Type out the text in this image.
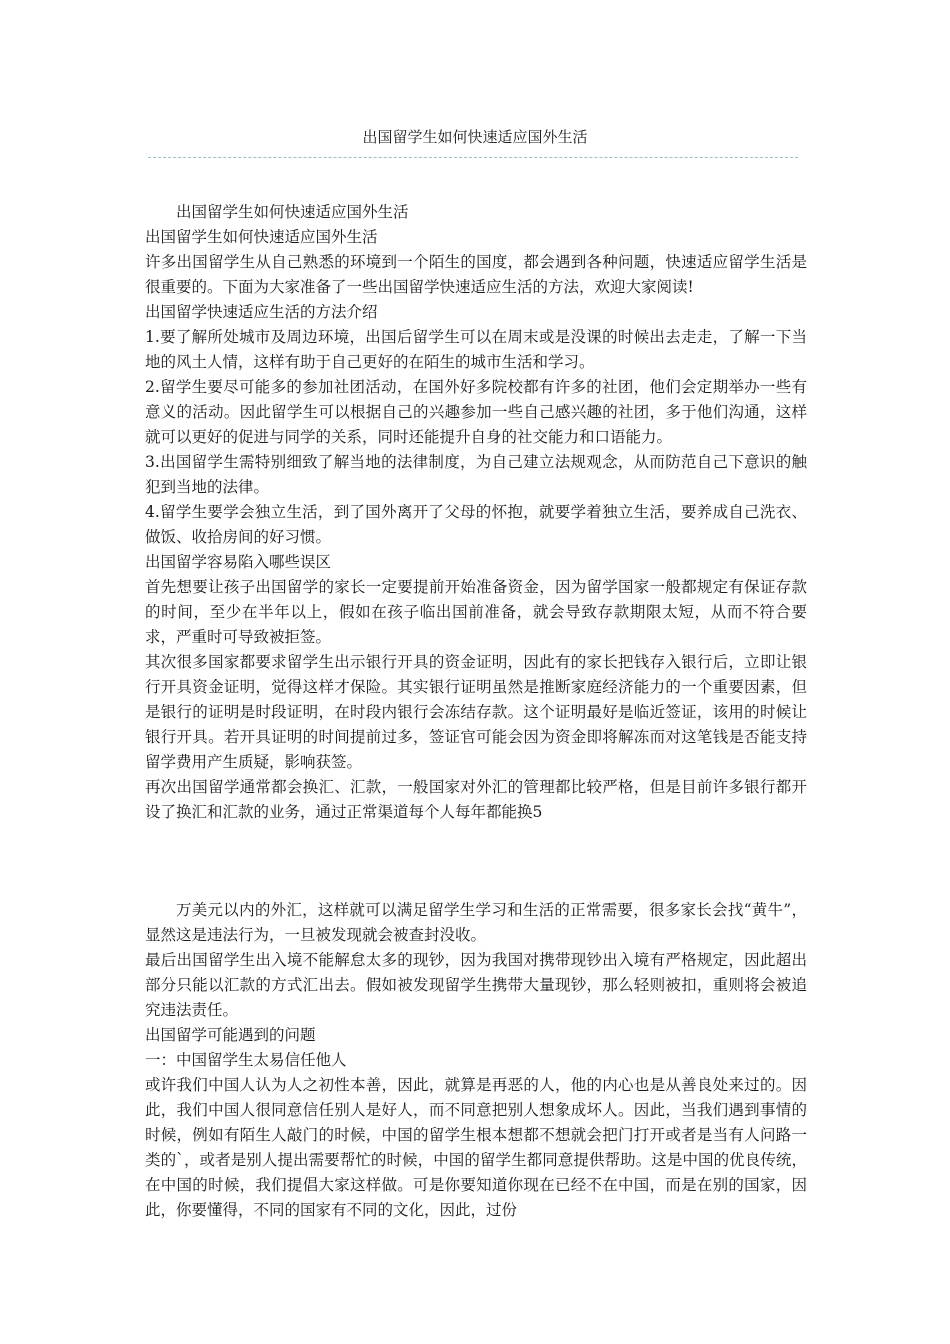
出国留学生如何快速适应国外生活

出国留学生如何快速适应国外生活

出国留学生如何快速适应国外生活

许多出国留学生从自己熟悉的环境到一个陌生的国度，都会遇到各种问题，快速适应留学生活是很重要的。下面为大家准备了一些出国留学快速适应生活的方法，欢迎大家阅读!

出国留学快速适应生活的方法介绍

1.要了解所处城市及周边环境，出国后留学生可以在周末或是没课的时候出去走走，了解一下当地的风土人情，这样有助于自己更好的在陌生的城市生活和学习。

2.留学生要尽可能多的参加社团活动，在国外好多院校都有许多的社团，他们会定期举办一些有意义的活动。因此留学生可以根据自己的兴趣参加一些自己感兴趣的社团，多于他们沟通，这样就可以更好的促进与同学的关系，同时还能提升自身的社交能力和口语能力。

3.出国留学生需特别细致了解当地的法律制度，为自己建立法规观念，从而防范自己下意识的触犯到当地的法律。

4.留学生要学会独立生活，到了国外离开了父母的怀抱，就要学着独立生活，要养成自己洗衣、做饭、收拾房间的好习惯。

出国留学容易陷入哪些误区

首先想要让孩子出国留学的家长一定要提前开始准备资金，因为留学国家一般都规定有保证存款的时间，至少在半年以上，假如在孩子临出国前准备，就会导致存款期限太短，从而不符合要求，严重时可导致被拒签。

其次很多国家都要求留学生出示银行开具的资金证明，因此有的家长把钱存入银行后，立即让银行开具资金证明，觉得这样才保险。其实银行证明虽然是推断家庭经济能力的一个重要因素，但是银行的证明是时段证明，在时段内银行会冻结存款。这个证明最好是临近签证，该用的时候让银行开具。若开具证明的时间提前过多，签证官可能会因为资金即将解冻而对这笔钱是否能支持留学费用产生质疑，影响获签。

再次出国留学通常都会换汇、汇款，一般国家对外汇的管理都比较严格，但是目前许多银行都开设了换汇和汇款的业务，通过正常渠道每个人每年都能换5

万美元以内的外汇，这样就可以满足留学生学习和生活的正常需要，很多家长会找“黄牛”，显然这是违法行为，一旦被发现就会被查封没收。

最后出国留学生出入境不能解怠太多的现钞，因为我国对携带现钞出入境有严格规定，因此超出部分只能以汇款的方式汇出去。假如被发现留学生携带大量现钞，那么轻则被扣，重则将会被追究违法责任。

出国留学可能遇到的问题

一：中国留学生太易信任他人

或许我们中国人认为人之初性本善，因此，就算是再恶的人，他的内心也是从善良处来过的。因此，我们中国人很同意信任别人是好人，而不同意把别人想象成坏人。因此，当我们遇到事情的时候，例如有陌生人敲门的时候，中国的留学生根本想都不想就会把门打开或者是当有人问路一类的`，或者是别人提出需要帮忙的时候，中国的留学生都同意提供帮助。这是中国的优良传统，在中国的时候，我们提倡大家这样做。可是你要知道你现在已经不在中国，而是在别的国家，因此，你要懂得，不同的国家有不同的文化，因此，过份
